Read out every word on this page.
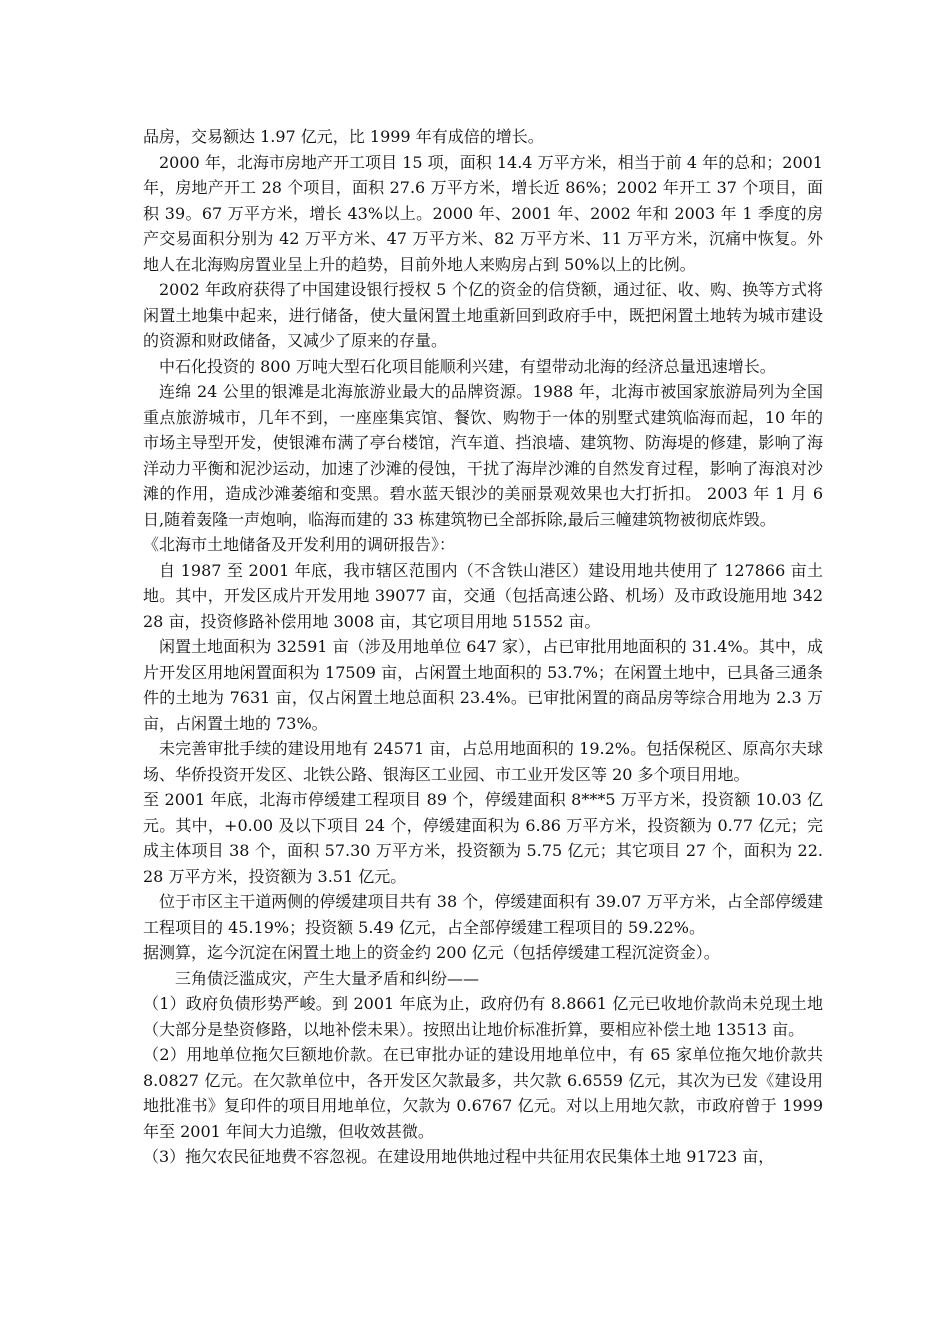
品房，交易额达 1.97 亿元，比 1999 年有成倍的增长。

2000 年，北海市房地产开工项目 15 项，面积 14.4 万平方米，相当于前 4 年的总和；2001 年，房地产开工 28 个项目，面积 27.6 万平方米，增长近 86%；2002 年开工 37 个项目，面积 39。67 万平方米，增长 43%以上。2000 年、2001 年、2002 年和 2003 年 1 季度的房产交易面积分别为 42 万平方米、47 万平方米、82 万平方米、11 万平方米，沉痛中恢复。外地人在北海购房置业呈上升的趋势，目前外地人来购房占到 50%以上的比例。

2002 年政府获得了中国建设银行授权 5 个亿的资金的信贷额，通过征、收、购、换等方式将闲置土地集中起来，进行储备，使大量闲置土地重新回到政府手中，既把闲置土地转为城市建设的资源和财政储备，又减少了原来的存量。

中石化投资的 800 万吨大型石化项目能顺利兴建，有望带动北海的经济总量迅速增长。

连绵 24 公里的银滩是北海旅游业最大的品牌资源。1988 年，北海市被国家旅游局列为全国重点旅游城市，几年不到，一座座集宾馆、餐饮、购物于一体的别墅式建筑临海而起，10 年的市场主导型开发，使银滩布满了亭台楼馆，汽车道、挡浪墙、建筑物、防海堤的修建，影响了海洋动力平衡和泥沙运动，加速了沙滩的侵蚀，干扰了海岸沙滩的自然发育过程，影响了海浪对沙滩的作用，造成沙滩萎缩和变黑。碧水蓝天银沙的美丽景观效果也大打折扣。 2003 年 1 月 6 日,随着轰隆一声炮响，临海而建的 33 栋建筑物已全部拆除,最后三幢建筑物被彻底炸毁。

《北海市土地储备及开发利用的调研报告》：

自 1987 至 2001 年底，我市辖区范围内（不含铁山港区）建设用地共使用了 127866 亩土地。其中，开发区成片开发用地 39077 亩，交通（包括高速公路、机场）及市政设施用地 34228 亩，投资修路补偿用地 3008 亩，其它项目用地 51552 亩。

闲置土地面积为 32591 亩（涉及用地单位 647 家），占已审批用地面积的 31.4%。其中，成片开发区用地闲置面积为 17509 亩，占闲置土地面积的 53.7%；在闲置土地中，已具备三通条件的土地为 7631 亩，仅占闲置土地总面积 23.4%。已审批闲置的商品房等综合用地为 2.3 万亩，占闲置土地的 73%。

未完善审批手续的建设用地有 24571 亩，占总用地面积的 19.2%。包括保税区、原高尔夫球场、华侨投资开发区、北铁公路、银海区工业园、市工业开发区等 20 多个项目用地。

至 2001 年底，北海市停缓建工程项目 89 个，停缓建面积 8***5 万平方米，投资额 10.03 亿元。其中，+0.00 及以下项目 24 个，停缓建面积为 6.86 万平方米，投资额为 0.77 亿元；完成主体项目 38 个，面积 57.30 万平方米，投资额为 5.75 亿元；其它项目 27 个，面积为 22.28 万平方米，投资额为 3.51 亿元。

位于市区主干道两侧的停缓建项目共有 38 个，停缓建面积有 39.07 万平方米，占全部停缓建工程项目的 45.19%；投资额 5.49 亿元，占全部停缓建工程项目的 59.22%。

据测算，迄今沉淀在闲置土地上的资金约 200 亿元（包括停缓建工程沉淀资金）。

三角债泛滥成灾，产生大量矛盾和纠纷——

（1）政府负债形势严峻。到 2001 年底为止，政府仍有 8.8661 亿元已收地价款尚未兑现土地（大部分是垫资修路，以地补偿未果）。按照出让地价标准折算，要相应补偿土地 13513 亩。

（2）用地单位拖欠巨额地价款。在已审批办证的建设用地单位中，有 65 家单位拖欠地价款共 8.0827 亿元。在欠款单位中，各开发区欠款最多，共欠款 6.6559 亿元，其次为已发《建设用地批准书》复印件的项目用地单位，欠款为 0.6767 亿元。对以上用地欠款，市政府曾于 1999 年至 2001 年间大力追缴，但收效甚微。

（3）拖欠农民征地费不容忽视。在建设用地供地过程中共征用农民集体土地 91723 亩，
